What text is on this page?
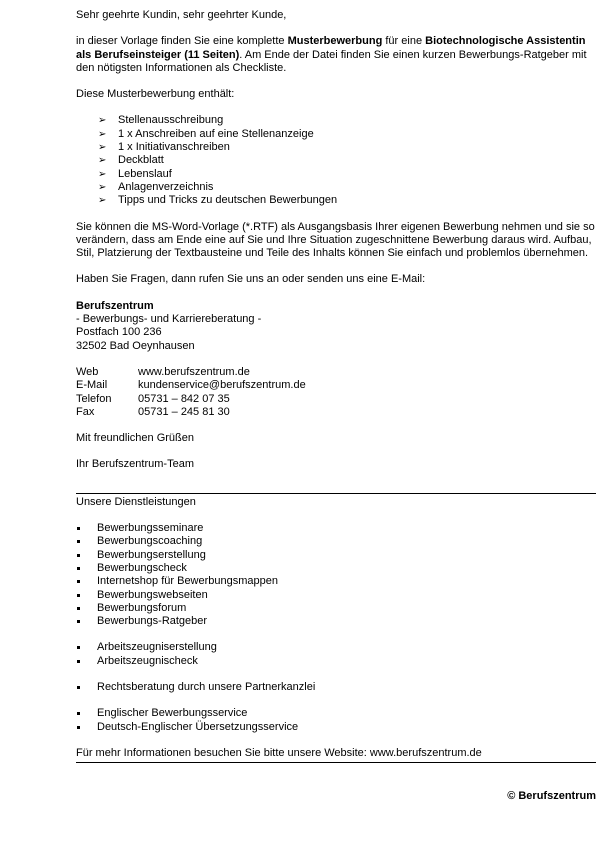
Sehr geehrte Kundin, sehr geehrter Kunde,

in dieser Vorlage finden Sie eine komplette Musterbewerbung für eine Biotechnologische Assistentin als Berufseinsteiger (11 Seiten). Am Ende der Datei finden Sie einen kurzen Bewerbungs-Ratgeber mit den nötigsten Informationen als Checkliste.

Diese Musterbewerbung enthält:

➢ Stellenausschreibung
➢ 1 x Anschreiben auf eine Stellenanzeige
➢ 1 x Initiativanschreiben
➢ Deckblatt
➢ Lebenslauf
➢ Anlagenverzeichnis
➢ Tipps und Tricks zu deutschen Bewerbungen

Sie können die MS-Word-Vorlage (*.RTF) als Ausgangsbasis Ihrer eigenen Bewerbung nehmen und sie so verändern, dass am Ende eine auf Sie und Ihre Situation zugeschnittene Bewerbung daraus wird. Aufbau, Stil, Platzierung der Textbausteine und Teile des Inhalts können Sie einfach und problemlos übernehmen.

Haben Sie Fragen, dann rufen Sie uns an oder senden uns eine E-Mail:

Berufszentrum

- Bewerbungs- und Karriereberatung -

Postfach 100 236

32502 Bad Oeynhausen

Web	www.berufszentrum.de
E-Mail	kundenservice@berufszentrum.de
Telefon	05731 – 842 07 35
Fax	05731 – 245 81 30

Mit freundlichen Grüßen

Ihr Berufszentrum-Team

Unsere Dienstleistungen

Bewerbungsseminare
Bewerbungscoaching
Bewerbungserstellung
Bewerbungscheck
Internetshop für Bewerbungsmappen
Bewerbungswebseiten
Bewerbungsforum
Bewerbungs-Ratgeber
Arbeitszeugniserstellung
Arbeitszeugnischeck
Rechtsberatung durch unsere Partnerkanzlei
Englischer Bewerbungsservice
Deutsch-Englischer Übersetzungsservice

Für mehr Informationen besuchen Sie bitte unsere Website: www.berufszentrum.de

© Berufszentrum
